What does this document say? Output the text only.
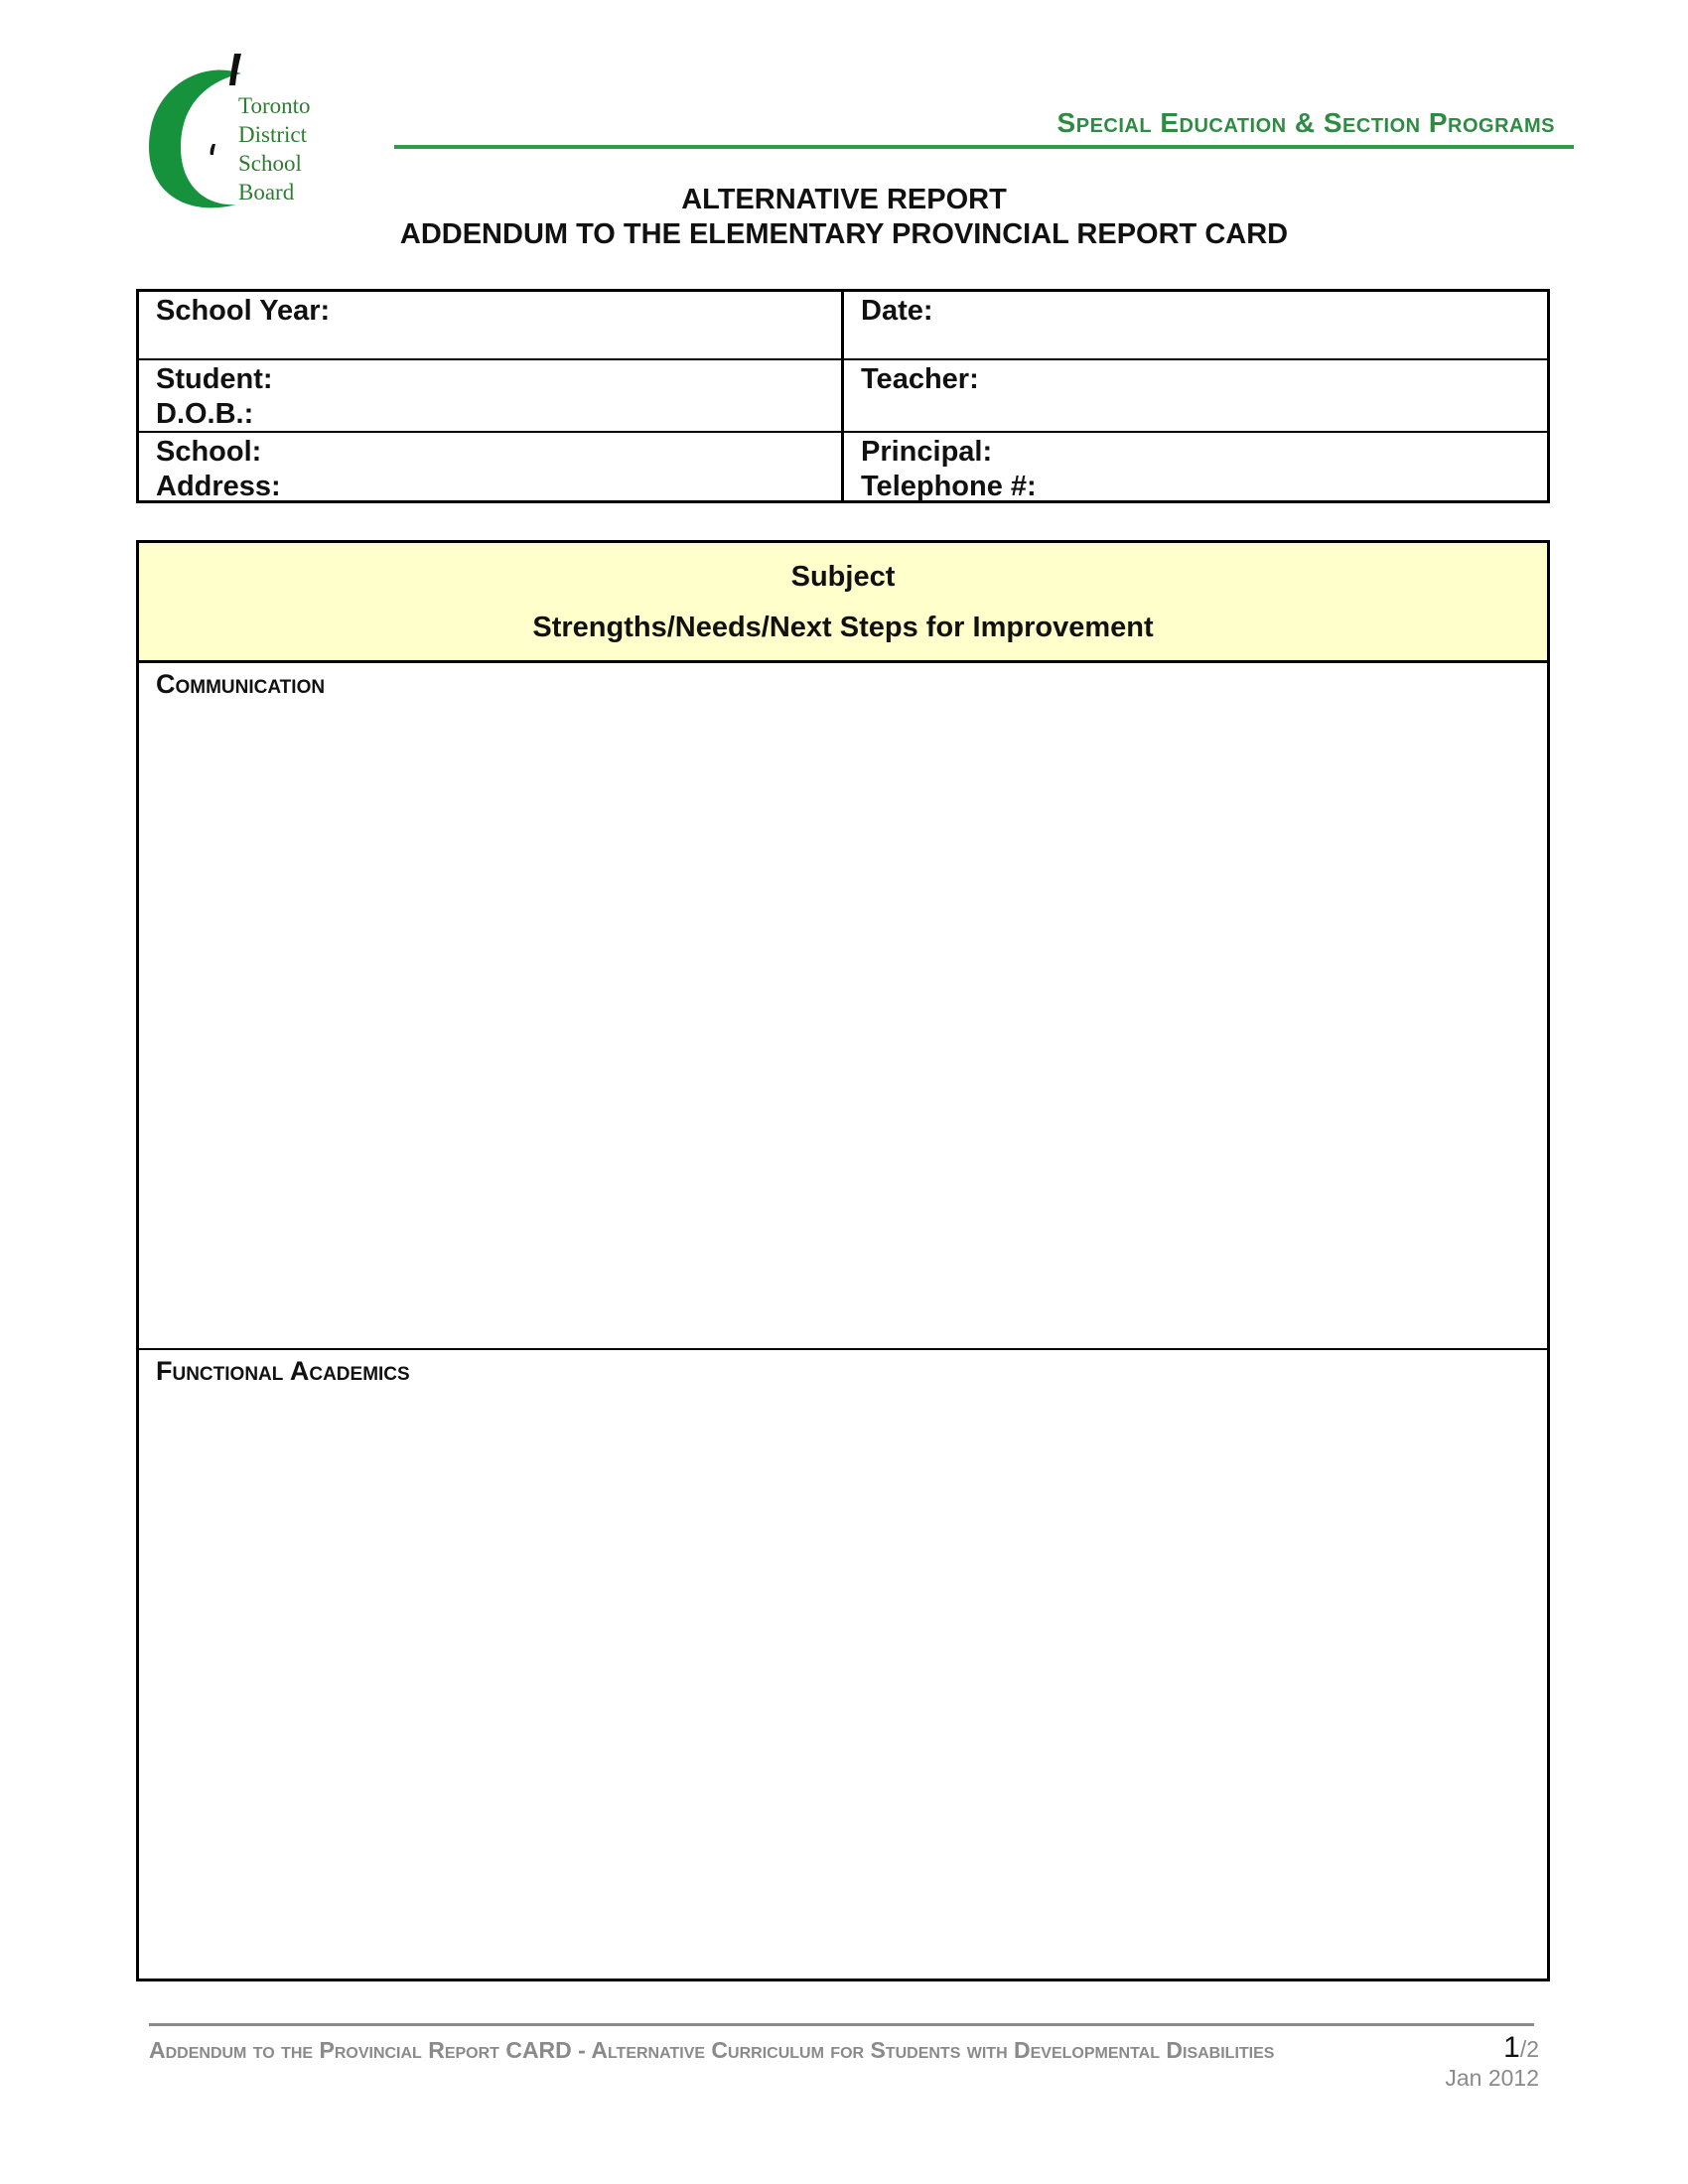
Toronto
District
School
Board
Special Education & Section Programs
ALTERNATIVE REPORT
ADDENDUM TO THE ELEMENTARY PROVINCIAL REPORT CARD
School Year:	Date:
Student:
D.O.B.:
Teacher:
School:
Address:
Principal:
Telephone #:
Subject
Strengths/Needs/Next Steps for Improvement
Communication
Functional Academics
Addendum to the Provincial Report CARD - Alternative Curriculum for Students with Developmental Disabilities	1/2
Jan 2012
